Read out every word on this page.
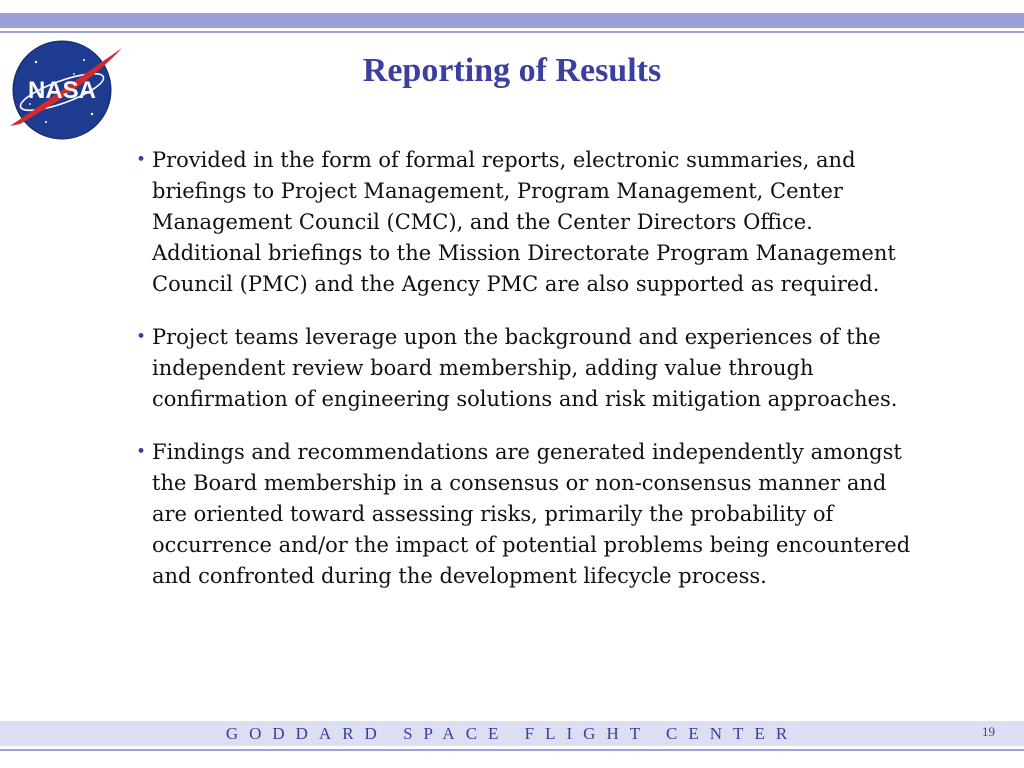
NASA
Reporting of Results
• Provided in the form of formal reports, electronic summaries, and briefings to Project Management, Program Management, Center Management Council (CMC), and the Center Directors Office. Additional briefings to the Mission Directorate Program Management Council (PMC) and the Agency PMC are also supported as required.
• Project teams leverage upon the background and experiences of the independent review board membership, adding value through confirmation of engineering solutions and risk mitigation approaches.
• Findings and recommendations are generated independently amongst the Board membership in a consensus or non-consensus manner and are oriented toward assessing risks, primarily the probability of occurrence and/or the impact of potential problems being encountered and confronted during the development lifecycle process.
GODDARD SPACE FLIGHT CENTER	19
